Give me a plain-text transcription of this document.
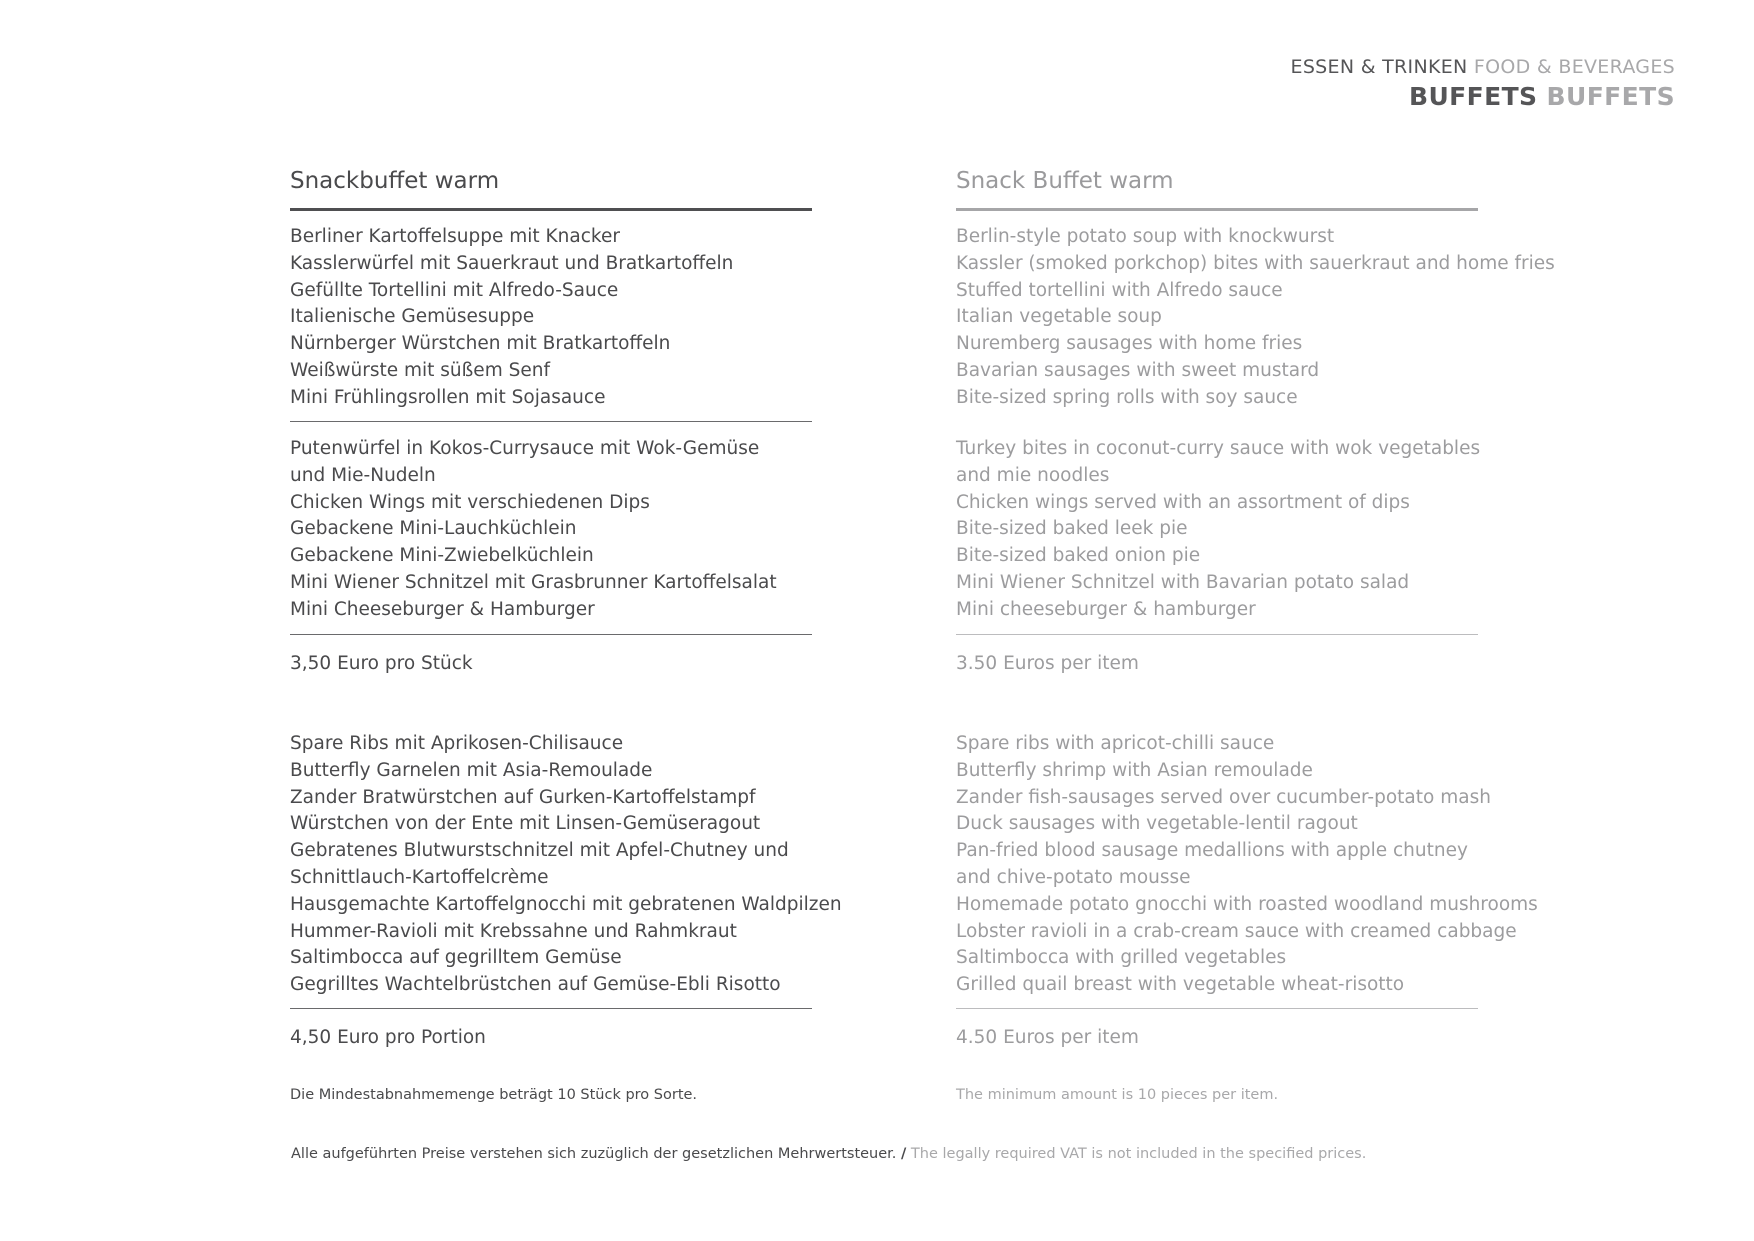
ESSEN & TRINKEN FOOD & BEVERAGES
BUFFETS BUFFETS
Snackbuffet warm
Berliner Kartoffelsuppe mit Knacker
Kasslerwürfel mit Sauerkraut und Bratkartoffeln
Gefüllte Tortellini mit Alfredo-Sauce
Italienische Gemüsesuppe
Nürnberger Würstchen mit Bratkartoffeln
Weißwürste mit süßem Senf
Mini Frühlingsrollen mit Sojasauce
Putenwürfel in Kokos-Currysauce mit Wok-Gemüse
und Mie-Nudeln
Chicken Wings mit verschiedenen Dips
Gebackene Mini-Lauchküchlein
Gebackene Mini-Zwiebelküchlein
Mini Wiener Schnitzel mit Grasbrunner Kartoffelsalat
Mini Cheeseburger & Hamburger
3,50 Euro pro Stück
Spare Ribs mit Aprikosen-Chilisauce
Butterfly Garnelen mit Asia-Remoulade
Zander Bratwürstchen auf Gurken-Kartoffelstampf
Würstchen von der Ente mit Linsen-Gemüseragout
Gebratenes Blutwurstschnitzel mit Apfel-Chutney und
Schnittlauch-Kartoffelcrème
Hausgemachte Kartoffelgnocchi mit gebratenen Waldpilzen
Hummer-Ravioli mit Krebssahne und Rahmkraut
Saltimbocca auf gegrilltem Gemüse
Gegrilltes Wachtelbrüstchen auf Gemüse-Ebli Risotto
4,50 Euro pro Portion
Die Mindestabnahmemenge beträgt 10 Stück pro Sorte.
Snack Buffet warm
Berlin-style potato soup with knockwurst
Kassler (smoked porkchop) bites with sauerkraut and home fries
Stuffed tortellini with Alfredo sauce
Italian vegetable soup
Nuremberg sausages with home fries
Bavarian sausages with sweet mustard
Bite-sized spring rolls with soy sauce
Turkey bites in coconut-curry sauce with wok vegetables
and mie noodles
Chicken wings served with an assortment of dips
Bite-sized baked leek pie
Bite-sized baked onion pie
Mini Wiener Schnitzel with Bavarian potato salad
Mini cheeseburger & hamburger
3.50 Euros per item
Spare ribs with apricot-chilli sauce
Butterfly shrimp with Asian remoulade
Zander fish-sausages served over cucumber-potato mash
Duck sausages with vegetable-lentil ragout
Pan-fried blood sausage medallions with apple chutney
and chive-potato mousse
Homemade potato gnocchi with roasted woodland mushrooms
Lobster ravioli in a crab-cream sauce with creamed cabbage
Saltimbocca with grilled vegetables
Grilled quail breast with vegetable wheat-risotto
4.50 Euros per item
The minimum amount is 10 pieces per item.
Alle aufgeführten Preise verstehen sich zuzüglich der gesetzlichen Mehrwertsteuer. / The legally required VAT is not included in the specified prices.
